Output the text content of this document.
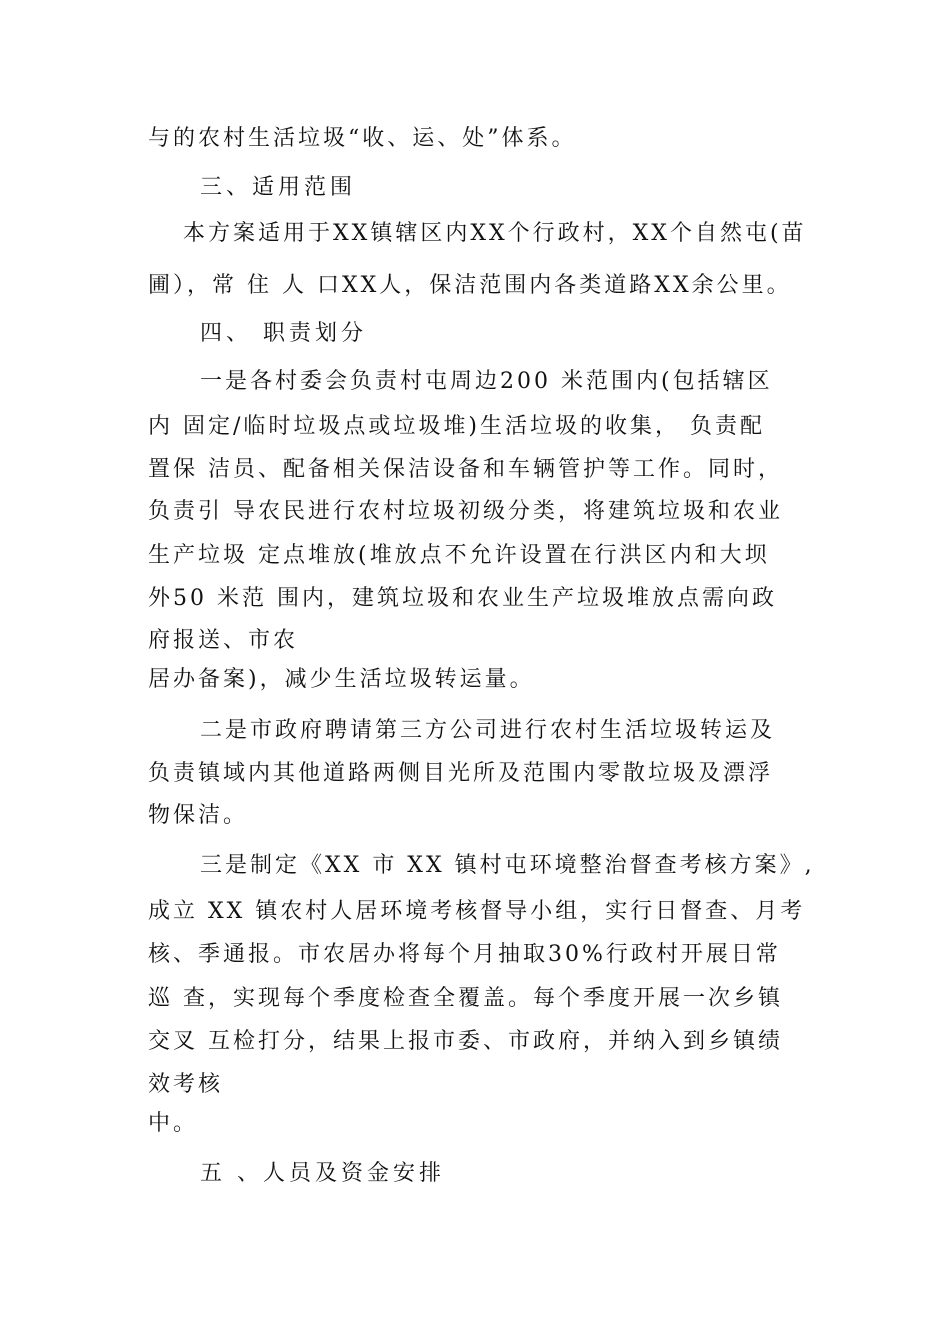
与的农村生活垃圾“收、运、处”体系。
三、适用范围
本方案适用于XX镇辖区内XX个行政村，XX个自然屯(苗
圃），常 住 人 口XX人，保洁范围内各类道路XX余公里。
四、 职责划分
一是各村委会负责村屯周边200 米范围内(包括辖区
内 固定/临时垃圾点或垃圾堆)生活垃圾的收集， 负责配
置保 洁员、配备相关保洁设备和车辆管护等工作。同时，
负责引 导农民进行农村垃圾初级分类，将建筑垃圾和农业
生产垃圾 定点堆放(堆放点不允许设置在行洪区内和大坝
外50 米范 围内，建筑垃圾和农业生产垃圾堆放点需向政
府报送、市农
居办备案)，减少生活垃圾转运量。
二是市政府聘请第三方公司进行农村生活垃圾转运及
负责镇域内其他道路两侧目光所及范围内零散垃圾及漂浮
物保洁。
三是制定《XX 市 XX 镇村屯环境整治督查考核方案》,
成立 XX 镇农村人居环境考核督导小组，实行日督查、月考
核、季通报。市农居办将每个月抽取30%行政村开展日常
巡 查，实现每个季度检查全覆盖。每个季度开展一次乡镇
交叉 互检打分，结果上报市委、市政府，并纳入到乡镇绩
效考核
中。
五 、人员及资金安排
